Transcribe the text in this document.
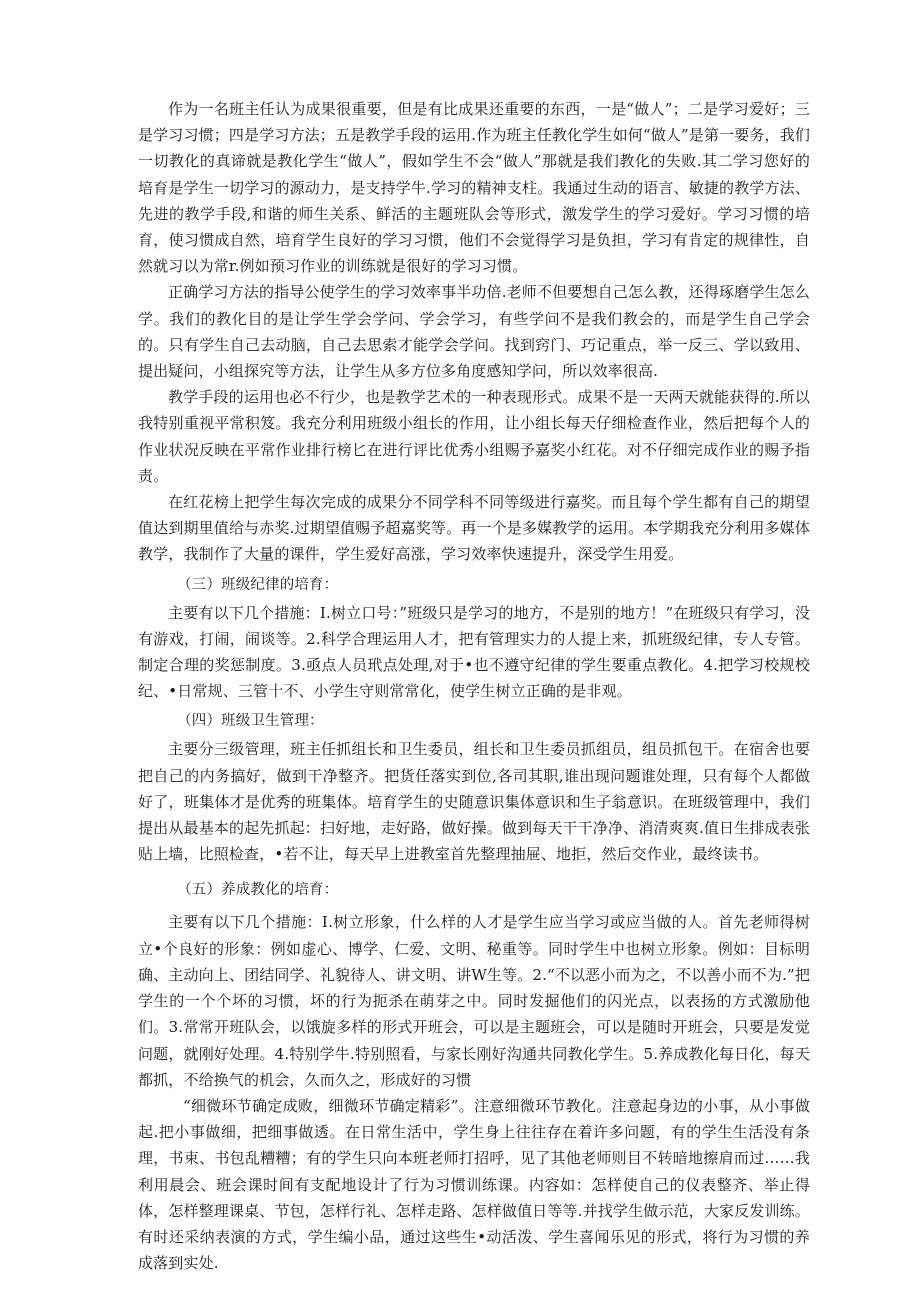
作为一名班主任认为成果很重要，但是有比成果还重要的东西，一是“做人”；二是学习爱好；三是学习习惯；四是学习方法；五是教学手段的运用.作为班主任教化学生如何“做人”是第一要务，我们一切教化的真谛就是教化学生“做人”，假如学生不会“做人”那就是我们教化的失败.其二学习您好的培育是学生一切学习的源动力，是支持学牛.学习的精神支柱。我通过生动的语言、敏捷的教学方法、先进的教学手段,和谐的师生关系、鲜活的主题班队会等形式，激发学生的学习爱好。学习习惯的培育，使习惯成自然，培育学生良好的学习习惯，他们不会觉得学习是负担，学习有肯定的规律性，自然就习以为常r.例如预习作业的训练就是很好的学习习惯。

正确学习方法的指导公使学生的学习效率事半功倍.老师不但要想自己怎么教，还得琢磨学生怎么学。我们的教化目的是让学生学会学问、学会学习，有些学问不是我们教会的，而是学生自己学会的。只有学生自己去动脑，自己去思索才能学会学问。找到窍门、巧记重点，举一反三、学以致用、提出疑问，小组探究等方法，让学生从多方位多角度感知学问，所以效率很高.

教学手段的运用也必不行少，也是教学艺术的一种表现形式。成果不是一天两天就能获得的.所以我特别重视平常积笈。我充分利用班级小组长的作用，让小组长每天仔细检查作业，然后把每个人的作业状况反映在平常作业排行榜匕在进行评比优秀小组赐予嘉奖小红花。对不仔细完成作业的赐予指责。

在红花榜上把学生每次完成的成果分不同学科不同等级进行嘉奖。而且每个学生都有自己的期望值达到期里值给与赤奖.过期望值赐予超嘉奖等。再一个是多媒教学的运用。本学期我充分利用多媒体教学，我制作了大量的课件，学生爱好高涨，学习效率快速提升，深受学生用爱。

（三）班级纪律的培育：

主要有以下几个措施：Ⅰ.树立口号：”班级只是学习的地方，不是别的地方！”在班级只有学习，没有游戏，打闹，闹谈等。2.科学合理运用人才，把有管理实力的人提上来，抓班级纪律，专人专管。制定合理的奖惩制度。3.亟点人员玳点处理,对于•也不遵守纪律的学生要重点教化。4.把学习校规校纪、•日常规、三管十不、小学生守则常常化，使学生树立正确的是非观。

（四）班级卫生管理：

主要分三级管理，班主任抓组长和卫生委员，组长和卫生委员抓组员，组员抓包干。在宿舍也要把自己的内务搞好，做到干净整齐。把货任落实到位,各司其职,谁出现问题谁处理，只有每个人都做好了，班集体才是优秀的班集体。培育学生的史随意识集体意识和生子翁意识。在班级管理中，我们提出从最基本的起先抓起：扫好地，走好路，做好操。做到每天干干净净、消清爽爽.值日生排成表张贴上墙，比照检查，•若不让，每天早上进教室首先整理抽屉、地拒，然后交作业，最终读书。

（五）养成教化的培育：

主要有以下几个措施：Ⅰ.树立形象，什么样的人才是学生应当学习或应当做的人。首先老师得树立•个良好的形象：例如虚心、博学、仁爱、文明、秘重等。同时学生中也树立形象。例如：目标明确、主动向上、团结同学、礼貌待人、讲文明、讲W生等。2.“不以恶小而为之，不以善小而不为.”把学生的一个个坏的习惯，坏的行为扼杀在萌芽之中。同时发掘他们的闪光点，以表扬的方式激励他们。3.常常开班队会，以饿旋多样的形式开班会，可以是主题班会，可以是随时开班会，只要是发觉问题，就刚好处理。4.特别学牛.特别照看，与家长刚好沟通共同教化学生。5.养成教化每日化，每天都抓，不给换气的机会，久而久之，形成好的习惯

“细微环节确定成败，细微环节确定精彩”。注意细微环节教化。注意起身边的小事，从小事做起.把小事做细，把细事做透。在日常生活中，学生身上往往存在着许多问题，有的学生生活没有条理，书束、书包乱糟糟；有的学生只向本班老师打招呼，见了其他老师则目不转暗地擦肩而过……我利用晨会、班会课时间有支配地设计了行为习惯训练课。内容如：怎样使自己的仪表整齐、举止得体，怎样整理课桌、节包，怎样行礼、怎样走路、怎样做值日等等.并找学生做示范，大家反发训练。有时还采纳表演的方式，学生编小品，通过这些生•动活泼、学生喜闻乐见的形式，将行为习惯的养成落到实处.
